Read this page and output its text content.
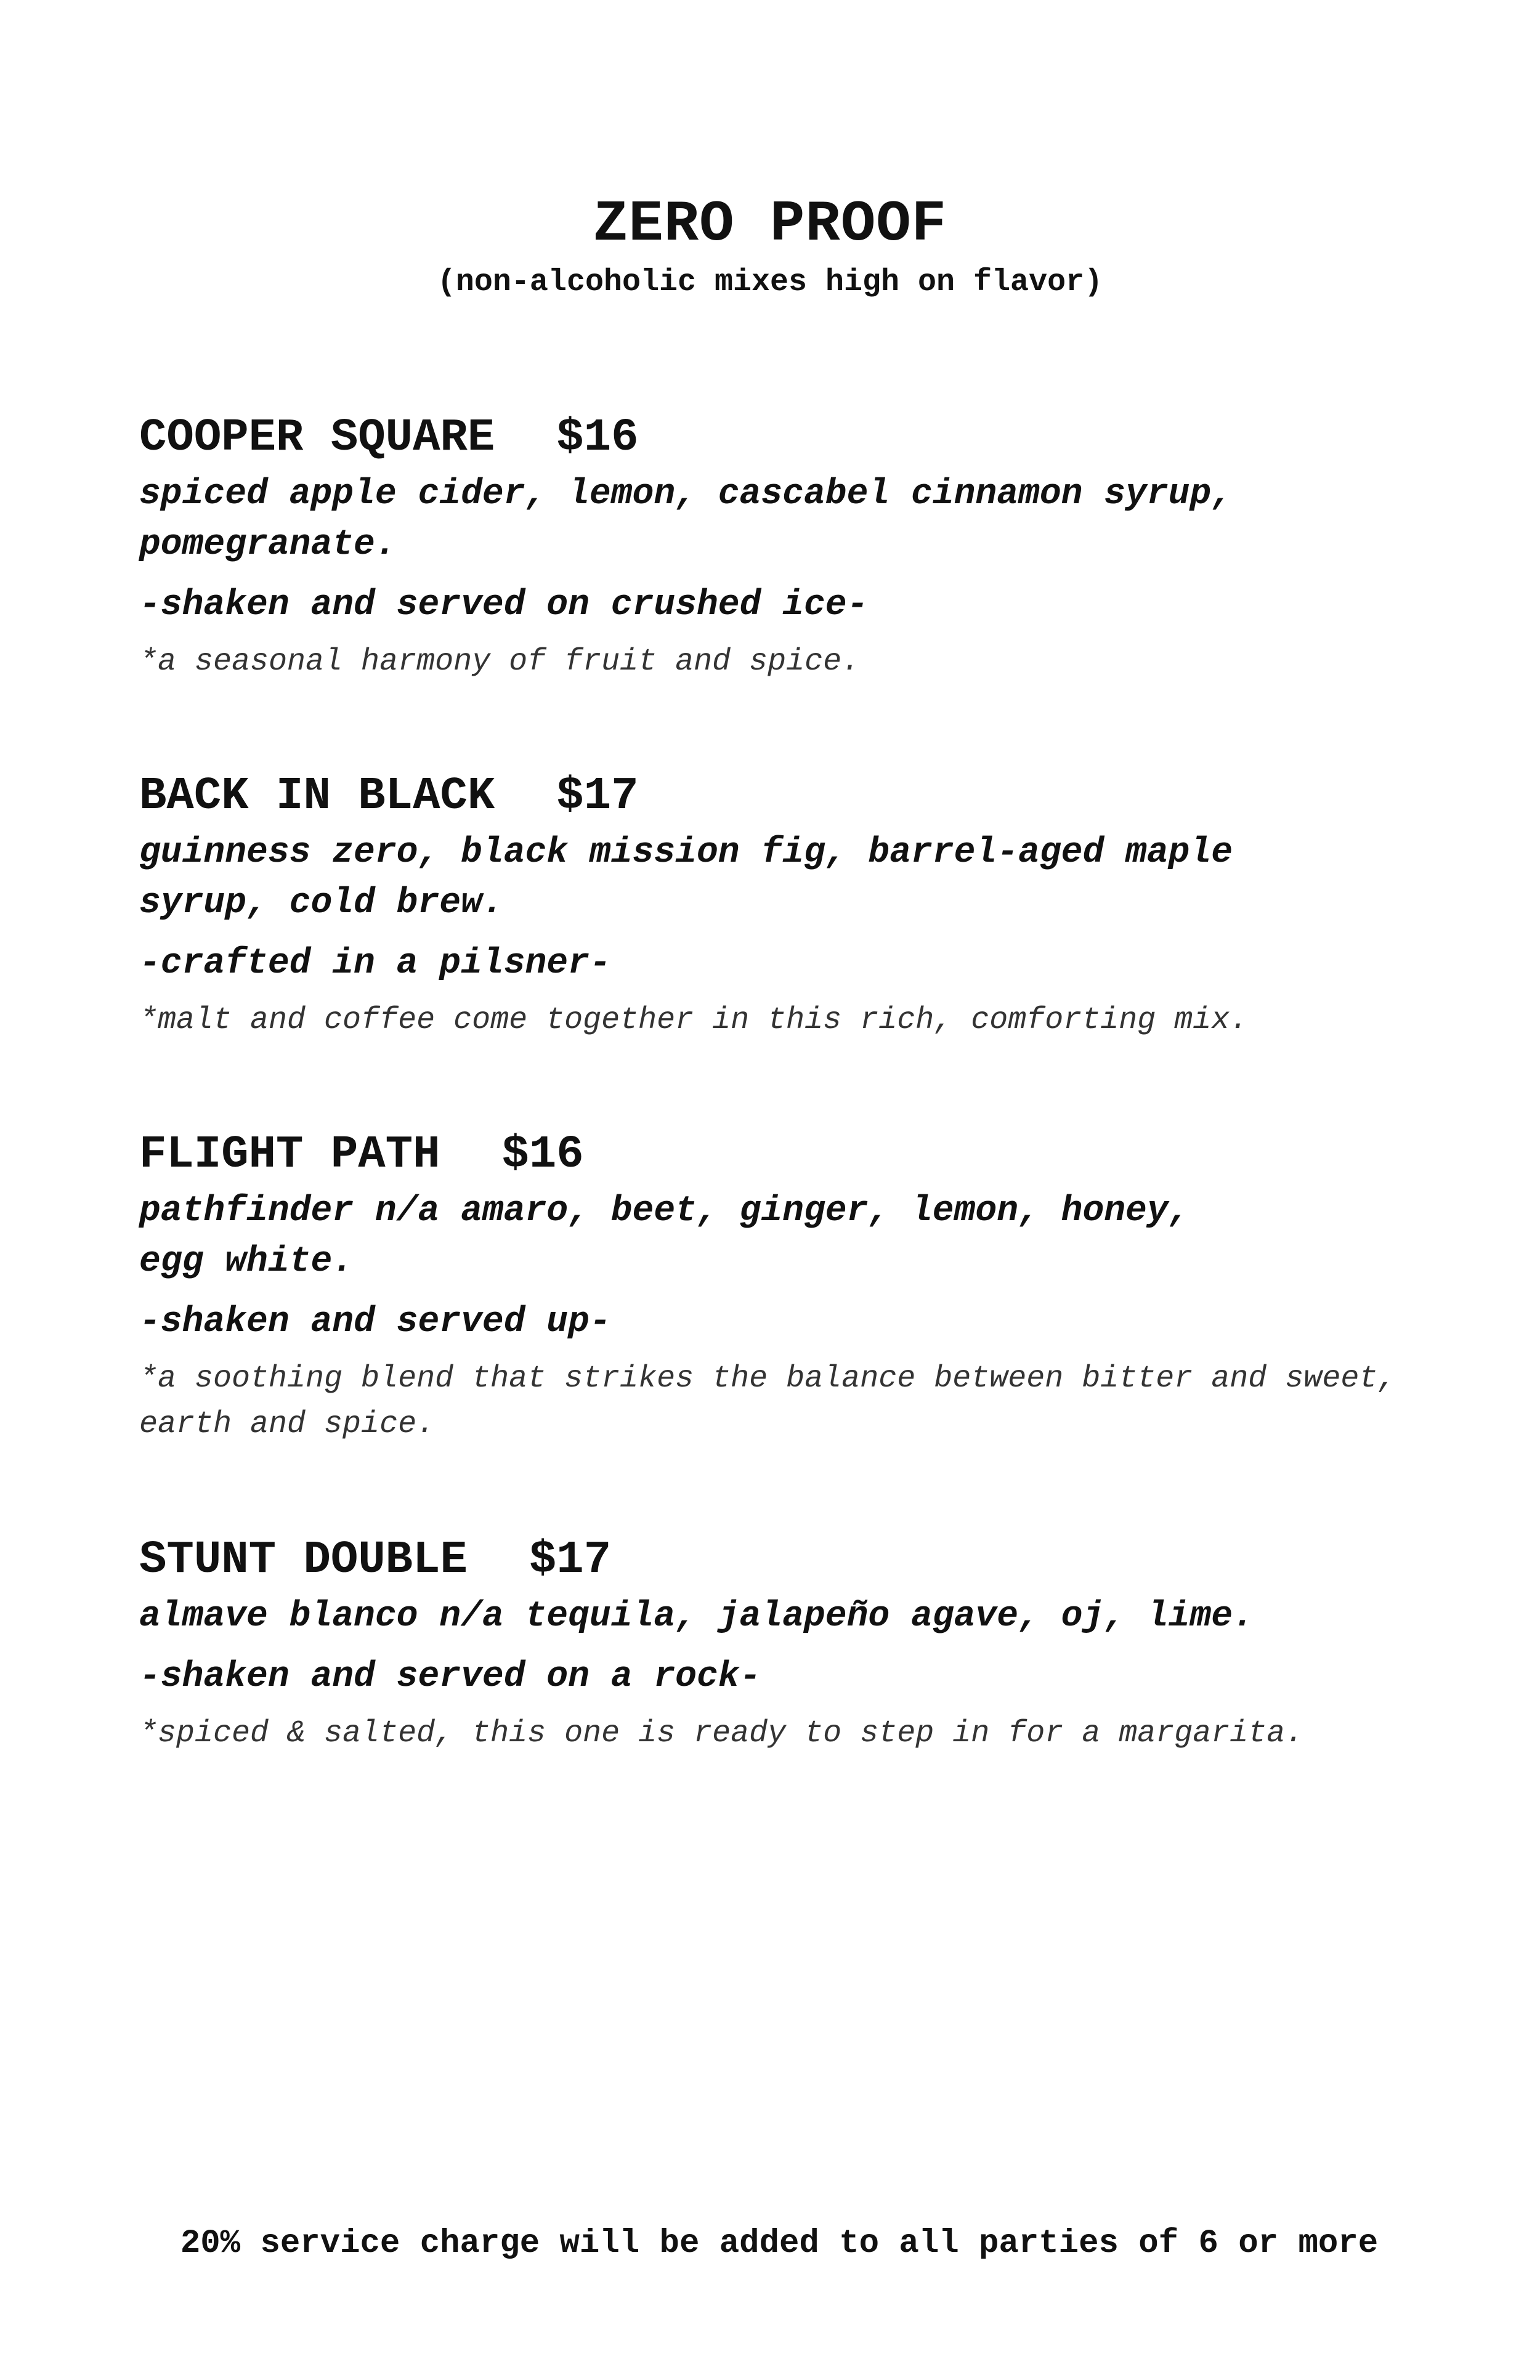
ZERO PROOF
(non-alcoholic mixes high on flavor)
COOPER SQUARE $16
spiced apple cider, lemon, cascabel cinnamon syrup,
pomegranate.
-shaken and served on crushed ice-
*a seasonal harmony of fruit and spice.
BACK IN BLACK $17
guinness zero, black mission fig, barrel-aged maple
syrup, cold brew.
-crafted in a pilsner-
*malt and coffee come together in this rich, comforting mix.
FLIGHT PATH $16
pathfinder n/a amaro, beet, ginger, lemon, honey,
egg white.
-shaken and served up-
*a soothing blend that strikes the balance between bitter and sweet,
earth and spice.
STUNT DOUBLE $17
almave blanco n/a tequila, jalapeño agave, oj, lime.
-shaken and served on a rock-
*spiced & salted, this one is ready to step in for a margarita.
20% service charge will be added to all parties of 6 or more
